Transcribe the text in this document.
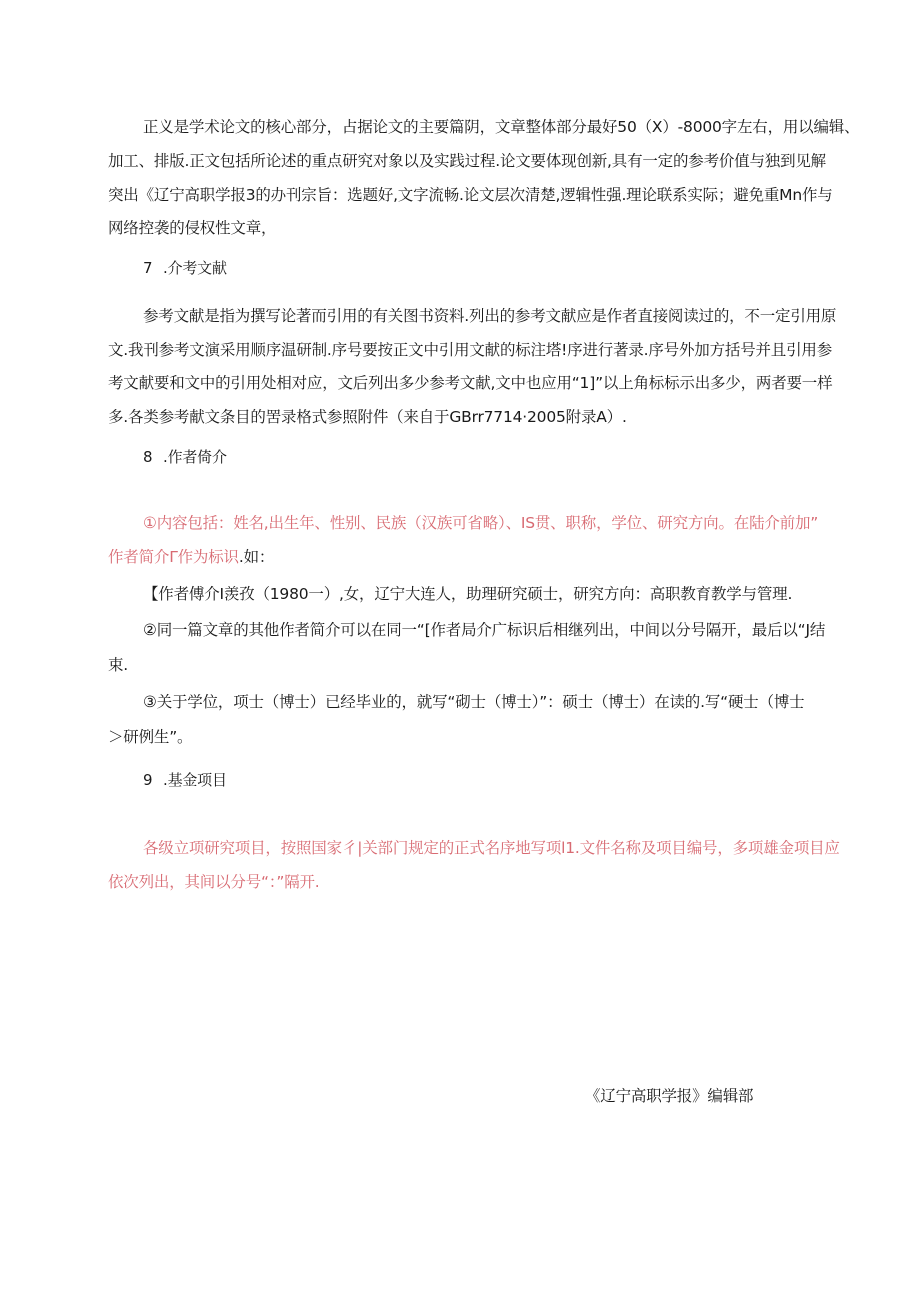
正义是学术论文的核心部分，占据论文的主要篇阴，文章整体部分最好50（X）-8000字左右，用以编辑、
加工、排版.正文包括所论述的重点研究对象以及实践过程.论文要体现创新,具有一定的参考价值与独到见解
突出《辽宁高职学报3的办刊宗旨：选题好,文字流畅.论文层次清楚,逻辑性强.理论联系实际；避免重Mn作与
网络控袭的侵权性文章，
7 .介考文献
参考文献是指为撰写论著而引用的有关图书资料.列出的参考文献应是作者直接阅读过的，不一定引用原
文.我刊参考文演采用顺序温研制.序号要按正文中引用文献的标注塔!序进行著录.序号外加方括号并且引用参
考文献要和文中的引用处相对应，文后列出多少参考文献,文中也应用“1]”以上角标标示出多少，两者要一样
多.各类参考献文条目的罟录格式参照附件（来自于GBrr7714·2005附录A）.
8 .作者倚介
①内容包括：姓名,出生年、性别、民族（汉族可省略）、IS贯、职称，学位、研究方向。在陆介前加”
作者简介Γ作为标识.如：
【作者傅介I羡孜（1980一）,女，辽宁大连人，助理研究硕士，研究方向：高职教育教学与管理.
②同一篇文章的其他作者简介可以在同一“[作者局介广标识后相继列出，中间以分号隔开，最后以“J结
束.
③关于学位，项士（博士）已经毕业的，就写“砌士（博士）”：硕士（博士）在读的.写“硬士（博士
＞研例生”。
9 .基金项目
各级立项研究项目，按照国家彳|关部门规定的正式名序地写项l1.文件名称及项目编号，多项雄金项目应
依次列出，其间以分号“：”隔开.
《辽宁高职学报》编辑部
